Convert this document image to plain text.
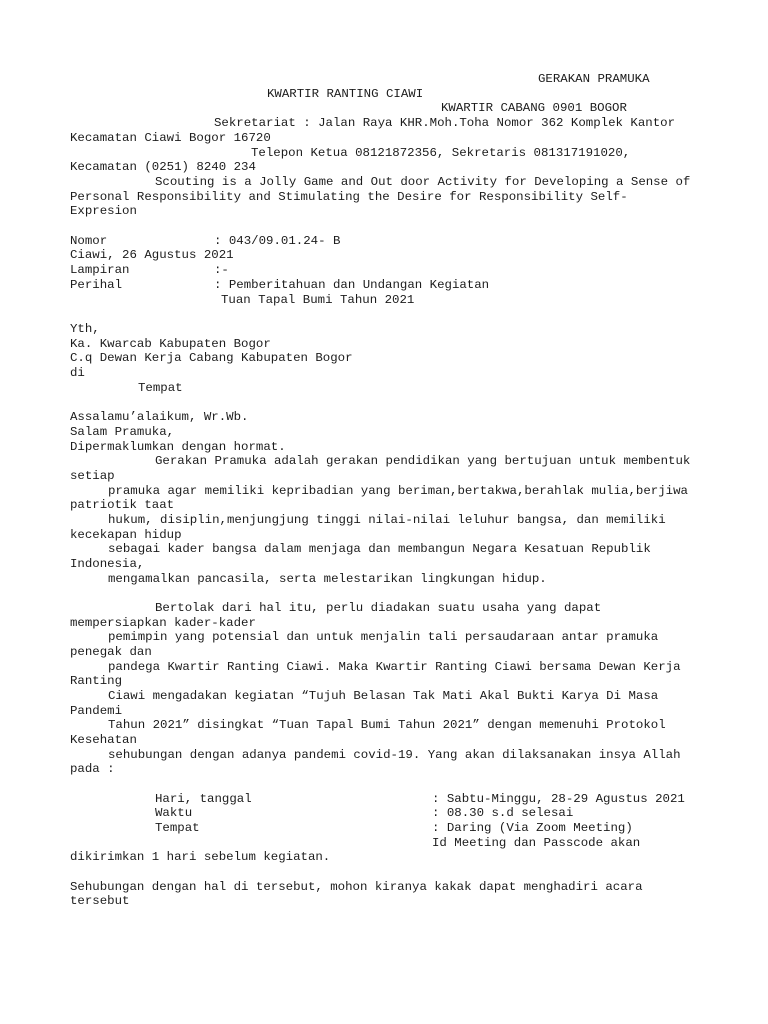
GERAKAN PRAMUKA
KWARTIR RANTING CIAWI
KWARTIR CABANG 0901 BOGOR
Sekretariat : Jalan Raya KHR.Moh.Toha Nomor 362 Komplek Kantor
Kecamatan Ciawi Bogor 16720
Telepon Ketua 08121872356, Sekretaris 081317191020,
Kecamatan (0251) 8240 234
Scouting is a Jolly Game and Out door Activity for Developing a Sense of
Personal Responsibility and Stimulating the Desire for Responsibility Self-
Expresion
Nomor	: 043/09.01.24- B
Ciawi, 26 Agustus 2021
Lampiran	:-
Perihal	: Pemberitahuan dan Undangan Kegiatan
Tuan Tapal Bumi Tahun 2021
Yth,
Ka. Kwarcab Kabupaten Bogor
C.q Dewan Kerja Cabang Kabupaten Bogor
di
Tempat
Assalamu’alaikum, Wr.Wb.
Salam Pramuka,
Dipermaklumkan dengan hormat.
Gerakan Pramuka adalah gerakan pendidikan yang bertujuan untuk membentuk
setiap
pramuka agar memiliki kepribadian yang beriman,bertakwa,berahlak mulia,berjiwa
patriotik taat
hukum, disiplin,menjungjung tinggi nilai-nilai leluhur bangsa, dan memiliki
kecekapan hidup
sebagai kader bangsa dalam menjaga dan membangun Negara Kesatuan Republik
Indonesia,
mengamalkan pancasila, serta melestarikan lingkungan hidup.
Bertolak dari hal itu, perlu diadakan suatu usaha yang dapat
mempersiapkan kader-kader
pemimpin yang potensial dan untuk menjalin tali persaudaraan antar pramuka
penegak dan
pandega Kwartir Ranting Ciawi. Maka Kwartir Ranting Ciawi bersama Dewan Kerja
Ranting
Ciawi mengadakan kegiatan “Tujuh Belasan Tak Mati Akal Bukti Karya Di Masa
Pandemi
Tahun 2021” disingkat “Tuan Tapal Bumi Tahun 2021” dengan memenuhi Protokol
Kesehatan
sehubungan dengan adanya pandemi covid-19. Yang akan dilaksanakan insya Allah
pada :
Hari, tanggal	: Sabtu-Minggu, 28-29 Agustus 2021
Waktu	: 08.30 s.d selesai
Tempat	: Daring (Via Zoom Meeting)
Id Meeting dan Passcode akan
dikirimkan 1 hari sebelum kegiatan.
Sehubungan dengan hal di tersebut, mohon kiranya kakak dapat menghadiri acara
tersebut
